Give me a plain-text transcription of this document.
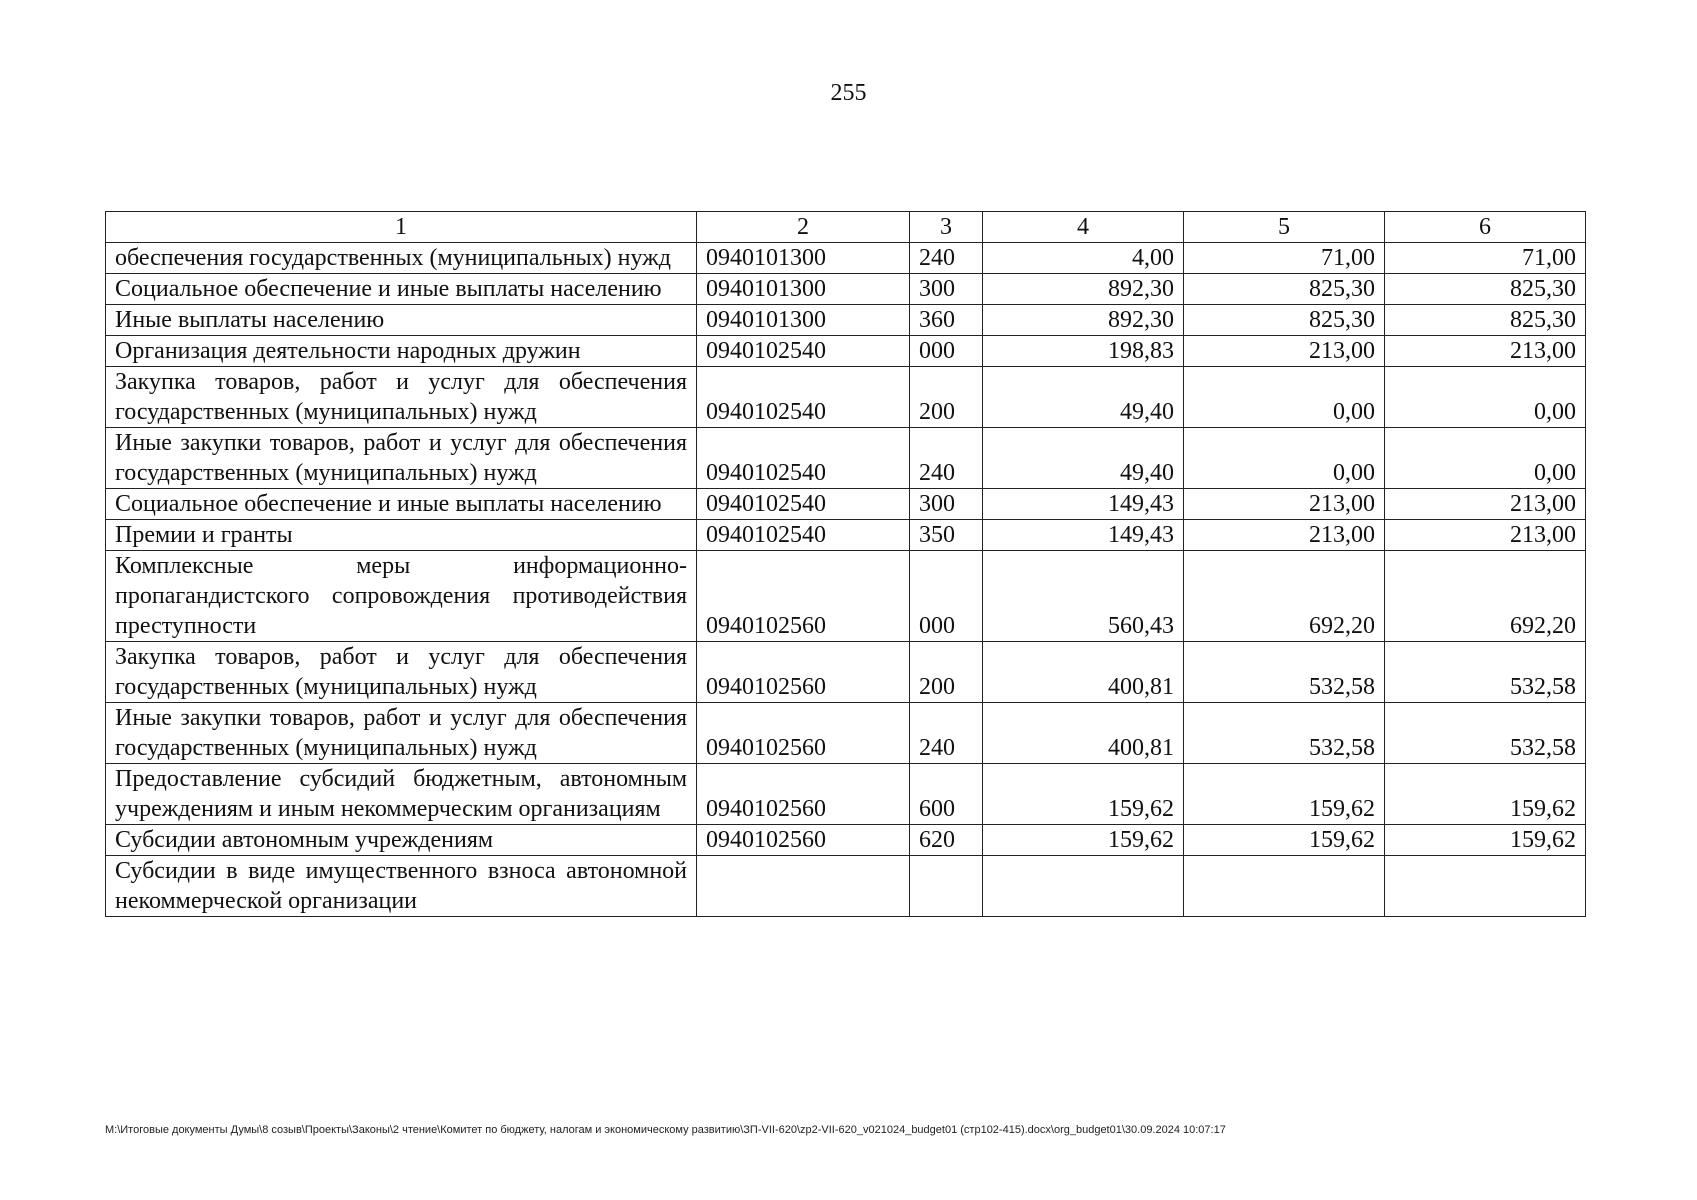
255
1	2	3	4	5	6
обеспечения государственных (муниципальных) нужд	0940101300	240	4,00	71,00	71,00
Социальное обеспечение и иные выплаты населению	0940101300	300	892,30	825,30	825,30
Иные выплаты населению	0940101300	360	892,30	825,30	825,30
Организация деятельности народных дружин	0940102540	000	198,83	213,00	213,00
Закупка товаров, работ и услуг для обеспечения государственных (муниципальных) нужд	0940102540	200	49,40	0,00	0,00
Иные закупки товаров, работ и услуг для обеспечения государственных (муниципальных) нужд	0940102540	240	49,40	0,00	0,00
Социальное обеспечение и иные выплаты населению	0940102540	300	149,43	213,00	213,00
Премии и гранты	0940102540	350	149,43	213,00	213,00
Комплексные меры информационно-пропагандистского сопровождения противодействия преступности	0940102560	000	560,43	692,20	692,20
Закупка товаров, работ и услуг для обеспечения государственных (муниципальных) нужд	0940102560	200	400,81	532,58	532,58
Иные закупки товаров, работ и услуг для обеспечения государственных (муниципальных) нужд	0940102560	240	400,81	532,58	532,58
Предоставление субсидий бюджетным, автономным учреждениям и иным некоммерческим организациям	0940102560	600	159,62	159,62	159,62
Субсидии автономным учреждениям	0940102560	620	159,62	159,62	159,62
Субсидии в виде имущественного взноса автономной некоммерческой организации					
M:\Итоговые документы Думы\8 созыв\Проекты\Законы\2 чтение\Комитет по бюджету, налогам и экономическому развитию\ЗП-VII-620\zp2-VII-620_v021024_budget01 (стр102-415).docx\org_budget01\30.09.2024 10:07:17
